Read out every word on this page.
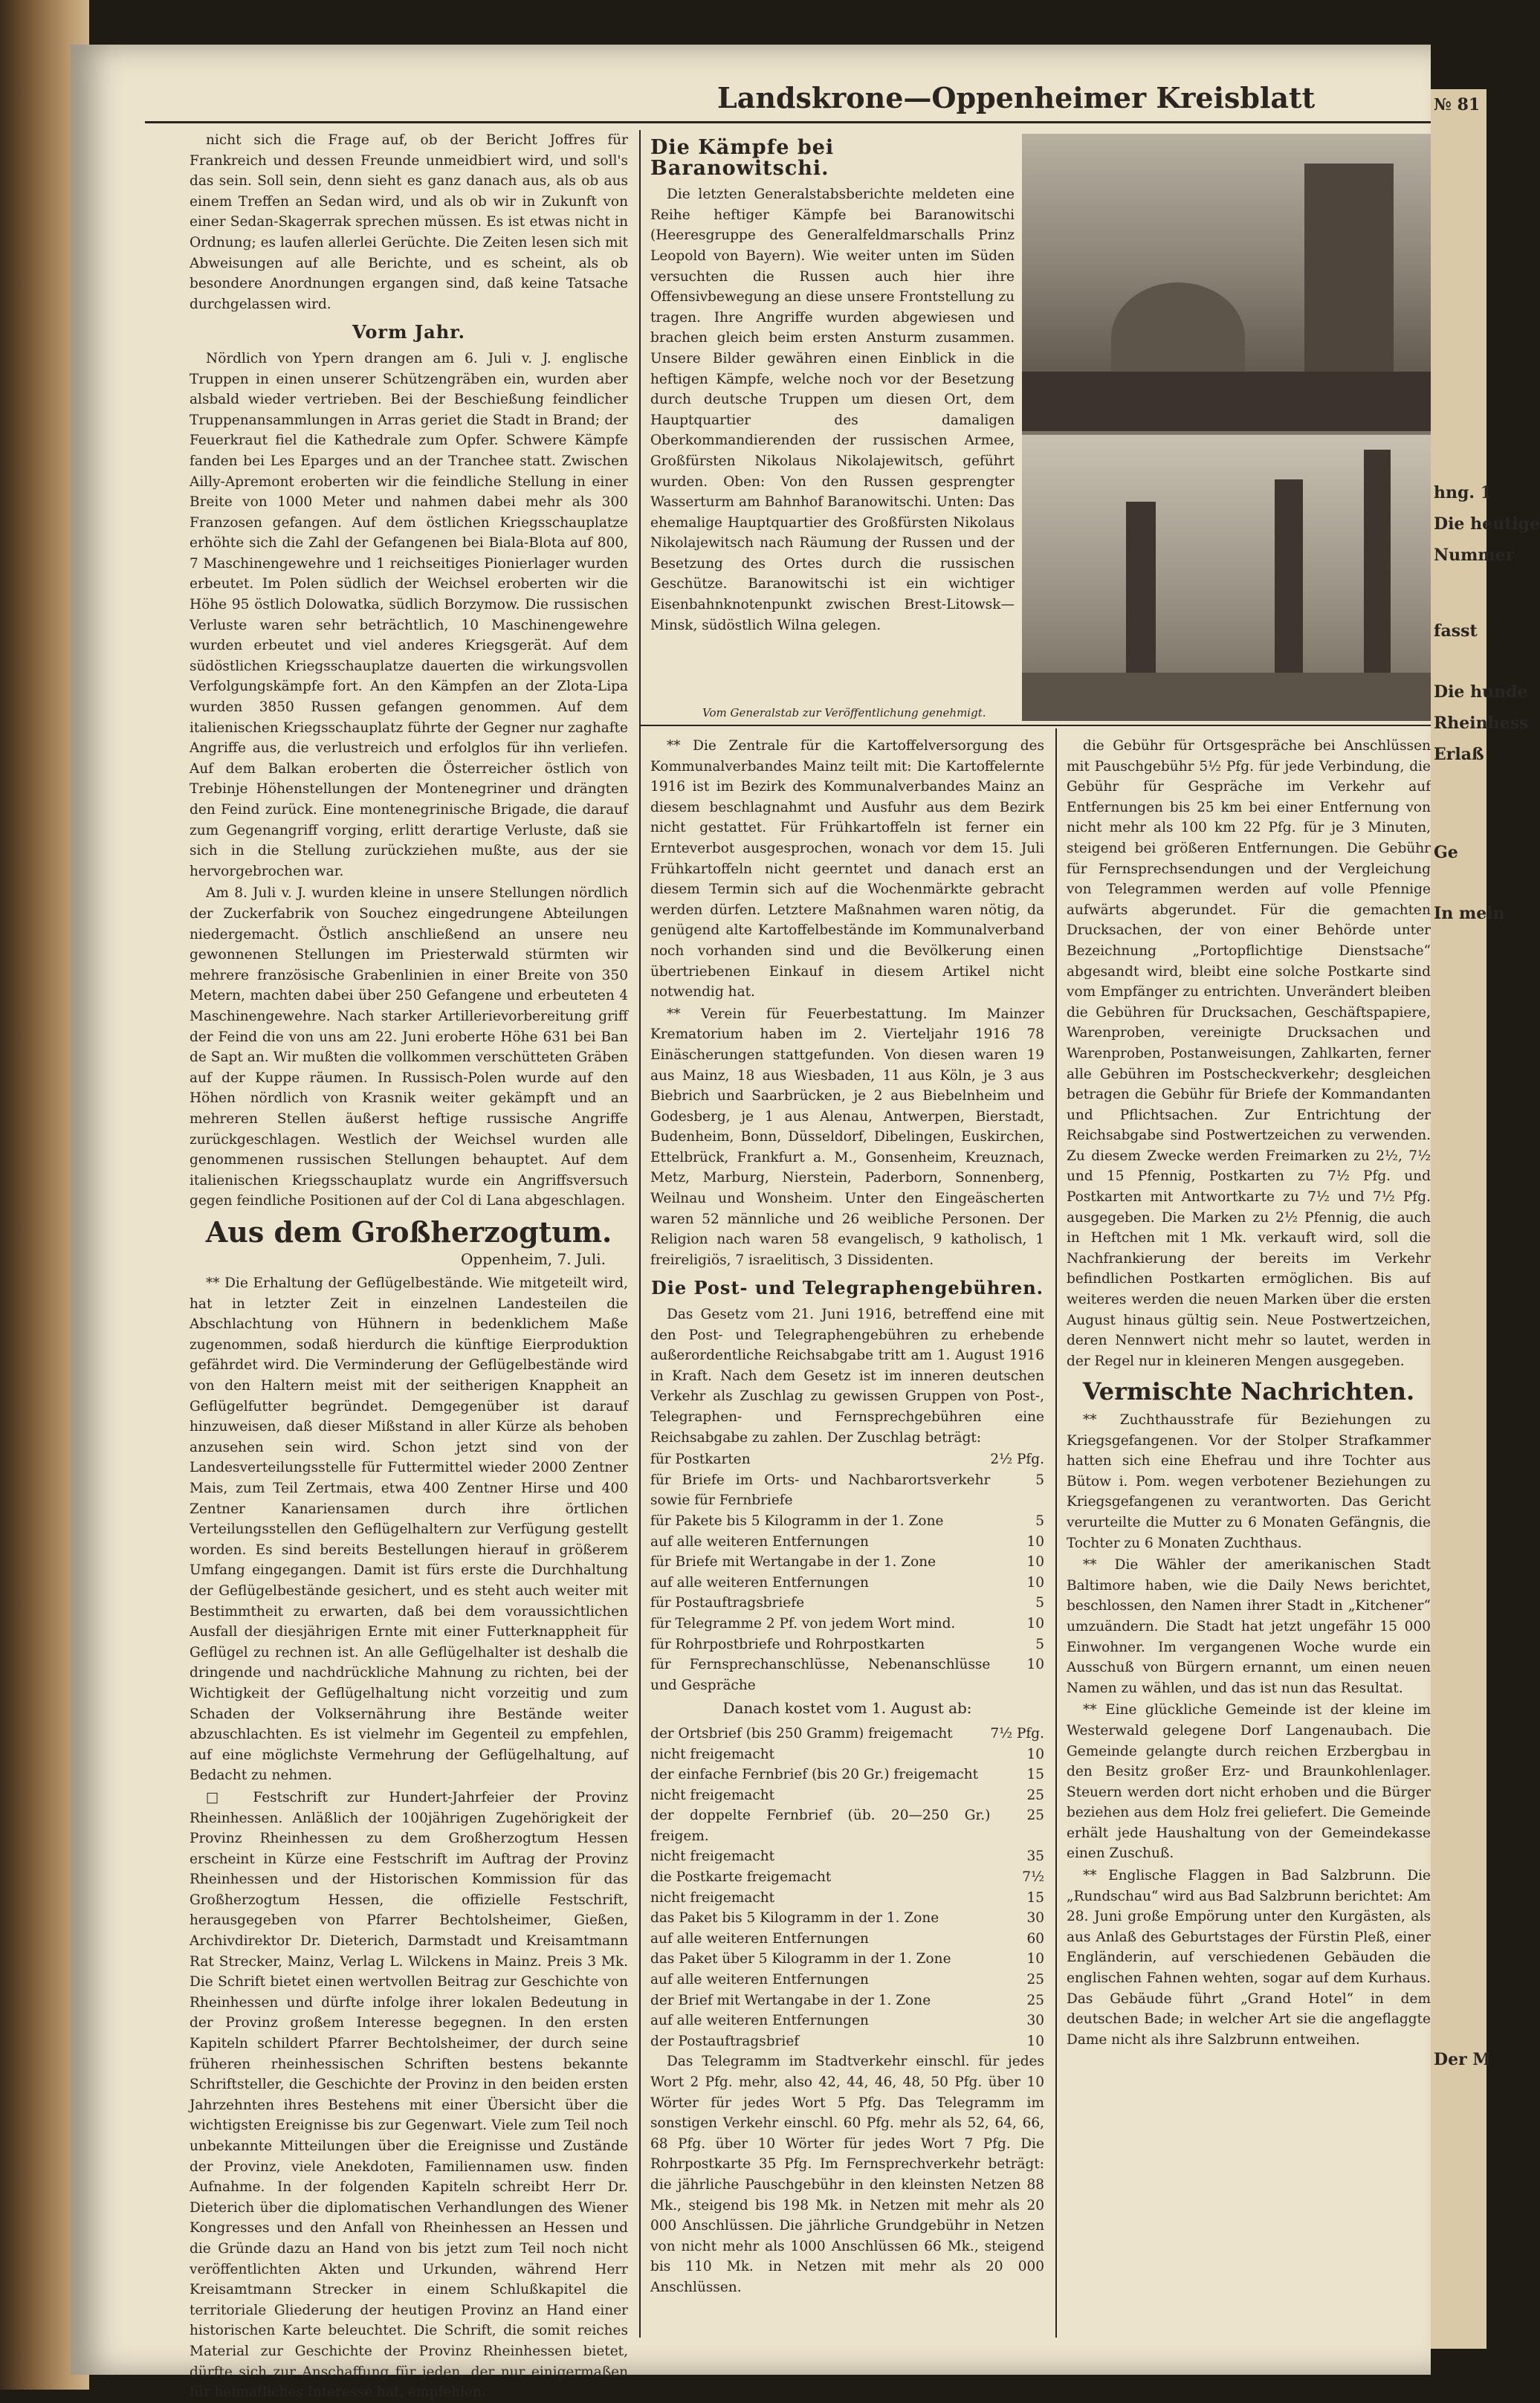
Landskrone—Oppenheimer Kreisblatt

nicht sich die Frage auf, ob der Bericht Joffres für Frankreich und dessen Freunde unmeidbiert wird, und soll's das sein. Soll sein, denn sieht es ganz danach aus, als ob aus einem Treffen an Sedan wird, und als ob wir in Zukunft von einer Sedan-Skagerrak sprechen müssen. Es ist etwas nicht in Ordnung; es laufen allerlei Gerüchte. Die Zeiten lesen sich mit Abweisungen auf alle Berichte, und es scheint, als ob besondere Anordnungen ergangen sind, daß keine Tatsache durchgelassen wird.

Vorm Jahr.

Nördlich von Ypern drangen am 6. Juli v. J. englische Truppen in einen unserer Schützengräben ein, wurden aber alsbald wieder vertrieben. Bei der Beschießung feindlicher Truppenansammlungen in Arras geriet die Stadt in Brand; der Feuerkraut fiel die Kathedrale zum Opfer. Schwere Kämpfe fanden bei Les Eparges und an der Tranchee statt. Zwischen Ailly-Apremont eroberten wir die feindliche Stellung in einer Breite von 1000 Meter und nahmen dabei mehr als 300 Franzosen gefangen. Auf dem östlichen Kriegsschauplatze erhöhte sich die Zahl der Gefangenen bei Biala-Blota auf 800, 7 Maschinengewehre und 1 reichseitiges Pionierlager wurden erbeutet. Im Polen südlich der Weichsel eroberten wir die Höhe 95 östlich Dolowatka, südlich Borzymow. Die russischen Verluste waren sehr beträchtlich, 10 Maschinengewehre wurden erbeutet und viel anderes Kriegsgerät. Auf dem südöstlichen Kriegsschauplatze dauerten die wirkungsvollen Verfolgungskämpfe fort. An den Kämpfen an der Zlota-Lipa wurden 3850 Russen gefangen genommen. Auf dem italienischen Kriegsschauplatz führte der Gegner nur zaghafte Angriffe aus, die verlustreich und erfolglos für ihn verliefen. Auf dem Balkan eroberten die Österreicher östlich von Trebinje Höhenstellungen der Montenegriner und drängten den Feind zurück. Eine montenegrinische Brigade, die darauf zum Gegenangriff vorging, erlitt derartige Verluste, daß sie sich in die Stellung zurückziehen mußte, aus der sie hervorgebrochen war.

Am 8. Juli v. J. wurden kleine in unsere Stellungen nördlich der Zuckerfabrik von Souchez eingedrungene Abteilungen niedergemacht. Östlich anschließend an unsere neu gewonnenen Stellungen im Priesterwald stürmten wir mehrere französische Grabenlinien in einer Breite von 350 Metern, machten dabei über 250 Gefangene und erbeuteten 4 Maschinengewehre. Nach starker Artillerievorbereitung griff der Feind die von uns am 22. Juni eroberte Höhe 631 bei Ban de Sapt an. Wir mußten die vollkommen verschütteten Gräben auf der Kuppe räumen. In Russisch-Polen wurde auf den Höhen nördlich von Krasnik weiter gekämpft und an mehreren Stellen äußerst heftige russische Angriffe zurückgeschlagen. Westlich der Weichsel wurden alle genommenen russischen Stellungen behauptet. Auf dem italienischen Kriegsschauplatz wurde ein Angriffsversuch gegen feindliche Positionen auf der Col di Lana abgeschlagen.

Aus dem Großherzogtum.
Oppenheim, 7. Juli.

** Die Erhaltung der Geflügelbestände. Wie mitgeteilt wird, hat in letzter Zeit in einzelnen Landesteilen die Abschlachtung von Hühnern in bedenklichem Maße zugenommen, sodaß hierdurch die künftige Eierproduktion gefährdet wird. Die Verminderung der Geflügelbestände wird von den Haltern meist mit der seitherigen Knappheit an Geflügelfutter begründet. Demgegenüber ist darauf hinzuweisen, daß dieser Mißstand in aller Kürze als behoben anzusehen sein wird. Schon jetzt sind von der Landesverteilungsstelle für Futtermittel wieder 2000 Zentner Mais, zum Teil Zertmais, etwa 400 Zentner Hirse und 400 Zentner Kanariensamen durch ihre örtlichen Verteilungsstellen den Geflügelhaltern zur Verfügung gestellt worden. Es sind bereits Bestellungen hierauf in größerem Umfang eingegangen. Damit ist fürs erste die Durchhaltung der Geflügelbestände gesichert, und es steht auch weiter mit Bestimmtheit zu erwarten, daß bei dem voraussichtlichen Ausfall der diesjährigen Ernte mit einer Futterknappheit für Geflügel zu rechnen ist. An alle Geflügelhalter ist deshalb die dringende und nachdrückliche Mahnung zu richten, bei der Wichtigkeit der Geflügelhaltung nicht vorzeitig und zum Schaden der Volksernährung ihre Bestände weiter abzuschlachten. Es ist vielmehr im Gegenteil zu empfehlen, auf eine möglichste Vermehrung der Geflügelhaltung, auf Bedacht zu nehmen.

□ Festschrift zur Hundert-Jahrfeier der Provinz Rheinhessen. Anläßlich der 100jährigen Zugehörigkeit der Provinz Rheinhessen zu dem Großherzogtum Hessen erscheint in Kürze eine Festschrift im Auftrag der Provinz Rheinhessen und der Historischen Kommission für das Großherzogtum Hessen, die offizielle Festschrift, herausgegeben von Pfarrer Bechtolsheimer, Gießen, Archivdirektor Dr. Dieterich, Darmstadt und Kreisamtmann Rat Strecker, Mainz, Verlag L. Wilckens in Mainz. Preis 3 Mk. Die Schrift bietet einen wertvollen Beitrag zur Geschichte von Rheinhessen und dürfte infolge ihrer lokalen Bedeutung in der Provinz großem Interesse begegnen. In den ersten Kapiteln schildert Pfarrer Bechtolsheimer, der durch seine früheren rheinhessischen Schriften bestens bekannte Schriftsteller, die Geschichte der Provinz in den beiden ersten Jahrzehnten ihres Bestehens mit einer Übersicht über die wichtigsten Ereignisse bis zur Gegenwart. Viele zum Teil noch unbekannte Mitteilungen über die Ereignisse und Zustände der Provinz, viele Anekdoten, Familiennamen usw. finden Aufnahme. In der folgenden Kapiteln schreibt Herr Dr. Dieterich über die diplomatischen Verhandlungen des Wiener Kongresses und den Anfall von Rheinhessen an Hessen und die Gründe dazu an Hand von bis jetzt zum Teil noch nicht veröffentlichten Akten und Urkunden, während Herr Kreisamtmann Strecker in einem Schlußkapitel die territoriale Gliederung der heutigen Provinz an Hand einer historischen Karte beleuchtet. Die Schrift, die somit reiches Material zur Geschichte der Provinz Rheinhessen bietet, dürfte sich zur Anschaffung für jeden, der nur einigermaßen für heimatliches Interesse hat, empfehlen.

Die Kämpfe bei Baranowitschi.

Die letzten Generalstabsberichte meldeten eine Reihe heftiger Kämpfe bei Baranowitschi (Heeresgruppe des Generalfeldmarschalls Prinz Leopold von Bayern). Wie weiter unten im Süden versuchten die Russen auch hier ihre Offensivbewegung an diese unsere Frontstellung zu tragen. Ihre Angriffe wurden abgewiesen und brachen gleich beim ersten Ansturm zusammen. Unsere Bilder gewähren einen Einblick in die heftigen Kämpfe, welche noch vor der Besetzung durch deutsche Truppen um diesen Ort, dem Hauptquartier des damaligen Oberkommandierenden der russischen Armee, Großfürsten Nikolaus Nikolajewitsch, geführt wurden. Oben: Von den Russen gesprengter Wasserturm am Bahnhof Baranowitschi. Unten: Das ehemalige Hauptquartier des Großfürsten Nikolaus Nikolajewitsch nach Räumung der Russen und der Besetzung des Ortes durch die russischen Geschütze. Baranowitschi ist ein wichtiger Eisenbahnknotenpunkt zwischen Brest-Litowsk—Minsk, südöstlich Wilna gelegen.

Vom Generalstab zur Veröffentlichung genehmigt.

** Die Zentrale für die Kartoffelversorgung des Kommunalverbandes Mainz teilt mit: Die Kartoffelernte 1916 ist im Bezirk des Kommunalverbandes Mainz an diesem beschlagnahmt und Ausfuhr aus dem Bezirk nicht gestattet. Für Frühkartoffeln ist ferner ein Ernteverbot ausgesprochen, wonach vor dem 15. Juli Frühkartoffeln nicht geerntet und danach erst an diesem Termin sich auf die Wochenmärkte gebracht werden dürfen. Letztere Maßnahmen waren nötig, da genügend alte Kartoffelbestände im Kommunalverband noch vorhanden sind und die Bevölkerung einen übertriebenen Einkauf in diesem Artikel nicht notwendig hat.

** Verein für Feuerbestattung. Im Mainzer Krematorium haben im 2. Vierteljahr 1916 78 Einäscherungen stattgefunden. Von diesen waren 19 aus Mainz, 18 aus Wiesbaden, 11 aus Köln, je 3 aus Biebrich und Saarbrücken, je 2 aus Biebelnheim und Godesberg, je 1 aus Alenau, Antwerpen, Bierstadt, Budenheim, Bonn, Düsseldorf, Dibelingen, Euskirchen, Ettelbrück, Frankfurt a. M., Gonsenheim, Kreuznach, Metz, Marburg, Nierstein, Paderborn, Sonnenberg, Weilnau und Wonsheim. Unter den Eingeäscherten waren 52 männliche und 26 weibliche Personen. Der Religion nach waren 58 evangelisch, 9 katholisch, 1 freireligiös, 7 israelitisch, 3 Dissidenten.

Die Post- und Telegraphengebühren.

Das Gesetz vom 21. Juni 1916, betreffend eine mit den Post- und Telegraphengebühren zu erhebende außerordentliche Reichsabgabe tritt am 1. August 1916 in Kraft. Nach dem Gesetz ist im inneren deutschen Verkehr als Zuschlag zu gewissen Gruppen von Post-, Telegraphen- und Fernsprechgebühren eine Reichsabgabe zu zahlen. Der Zuschlag beträgt:

für Postkarten	2½ Pfg.
für Briefe im Orts- und Nachbarortsverkehr sowie für Fernbriefe	5
für Pakete bis 5 Kilogramm in der 1. Zone	5
auf alle weiteren Entfernungen	10
für Briefe mit Wertangabe in der 1. Zone	10
auf alle weiteren Entfernungen	10
für Postauftragsbriefe	5
für Telegramme 2 Pf. von jedem Wort mind.	10
für Rohrpostbriefe und Rohrpostkarten	5
für Fernsprechanschlüsse, Nebenanschlüsse und Gespräche	10
Danach kostet vom 1. August ab:
der Ortsbrief (bis 250 Gramm) freigemacht	7½ Pfg.
nicht freigemacht	10
der einfache Fernbrief (bis 20 Gr.) freigemacht	15
nicht freigemacht	25
der doppelte Fernbrief (üb. 20—250 Gr.) freigem.	25
nicht freigemacht	35
die Postkarte freigemacht	7½
nicht freigemacht	15
das Paket bis 5 Kilogramm in der 1. Zone	30
auf alle weiteren Entfernungen	60
das Paket über 5 Kilogramm in der 1. Zone	10
auf alle weiteren Entfernungen	25
der Brief mit Wertangabe in der 1. Zone	25
auf alle weiteren Entfernungen	30
der Postauftragsbrief	10

Das Telegramm im Stadtverkehr einschl. für jedes Wort 2 Pfg. mehr, also 42, 44, 46, 48, 50 Pfg. über 10 Wörter für jedes Wort 5 Pfg. Das Telegramm im sonstigen Verkehr einschl. 60 Pfg. mehr als 52, 64, 66, 68 Pfg. über 10 Wörter für jedes Wort 7 Pfg. Die Rohrpostkarte 35 Pfg. Im Fernsprechverkehr beträgt: die jährliche Pauschgebühr in den kleinsten Netzen 88 Mk., steigend bis 198 Mk. in Netzen mit mehr als 20 000 Anschlüssen. Die jährliche Grundgebühr in Netzen von nicht mehr als 1000 Anschlüssen 66 Mk., steigend bis 110 Mk. in Netzen mit mehr als 20 000 Anschlüssen.

die Gebühr für Ortsgespräche bei Anschlüssen mit Pauschgebühr 5½ Pfg. für jede Verbindung, die Gebühr für Gespräche im Verkehr auf Entfernungen bis 25 km bei einer Entfernung von nicht mehr als 100 km 22 Pfg. für je 3 Minuten, steigend bei größeren Entfernungen. Die Gebühr für Fernsprechsendungen und der Vergleichung von Telegrammen werden auf volle Pfennige aufwärts abgerundet. Für die gemachten Drucksachen, der von einer Behörde unter Bezeichnung „Portopflichtige Dienstsache“ abgesandt wird, bleibt eine solche Postkarte sind vom Empfänger zu entrichten. Unverändert bleiben die Gebühren für Drucksachen, Geschäftspapiere, Warenproben, vereinigte Drucksachen und Warenproben, Postanweisungen, Zahlkarten, ferner alle Gebühren im Postscheckverkehr; desgleichen betragen die Gebühr für Briefe der Kommandanten und Pflichtsachen. Zur Entrichtung der Reichsabgabe sind Postwertzeichen zu verwenden. Zu diesem Zwecke werden Freimarken zu 2½, 7½ und 15 Pfennig, Postkarten zu 7½ Pfg. und Postkarten mit Antwortkarte zu 7½ und 7½ Pfg. ausgegeben. Die Marken zu 2½ Pfennig, die auch in Heftchen mit 1 Mk. verkauft wird, soll die Nachfrankierung der bereits im Verkehr befindlichen Postkarten ermöglichen. Bis auf weiteres werden die neuen Marken über die ersten August hinaus gültig sein. Neue Postwertzeichen, deren Nennwert nicht mehr so lautet, werden in der Regel nur in kleineren Mengen ausgegeben.

Vermischte Nachrichten.

** Zuchthausstrafe für Beziehungen zu Kriegsgefangenen. Vor der Stolper Strafkammer hatten sich eine Ehefrau und ihre Tochter aus Bütow i. Pom. wegen verbotener Beziehungen zu Kriegsgefangenen zu verantworten. Das Gericht verurteilte die Mutter zu 6 Monaten Gefängnis, die Tochter zu 6 Monaten Zuchthaus.

** Die Wähler der amerikanischen Stadt Baltimore haben, wie die Daily News berichtet, beschlossen, den Namen ihrer Stadt in „Kitchener“ umzuändern. Die Stadt hat jetzt ungefähr 15 000 Einwohner. Im vergangenen Woche wurde ein Ausschuß von Bürgern ernannt, um einen neuen Namen zu wählen, und das ist nun das Resultat.

** Eine glückliche Gemeinde ist der kleine im Westerwald gelegene Dorf Langenaubach. Die Gemeinde gelangte durch reichen Erzbergbau in den Besitz großer Erz- und Braunkohlenlager. Steuern werden dort nicht erhoben und die Bürger beziehen aus dem Holz frei geliefert. Die Gemeinde erhält jede Haushaltung von der Gemeindekasse einen Zuschuß.

** Englische Flaggen in Bad Salzbrunn. Die „Rundschau“ wird aus Bad Salzbrunn berichtet: Am 28. Juni große Empörung unter den Kurgästen, als aus Anlaß des Geburtstages der Fürstin Pleß, einer Engländerin, auf verschiedenen Gebäuden die englischen Fahnen wehten, sogar auf dem Kurhaus. Das Gebäude führt „Grand Hotel“ in dem deutschen Bade; in welcher Art sie die angeflaggte Dame nicht als ihre Salzbrunn entweihen.

№ 81
hng. 1
Die heutige
Nummer
fasst
Die hunde
Rheinhess
Erlaß
Ge
In mein
Der M
